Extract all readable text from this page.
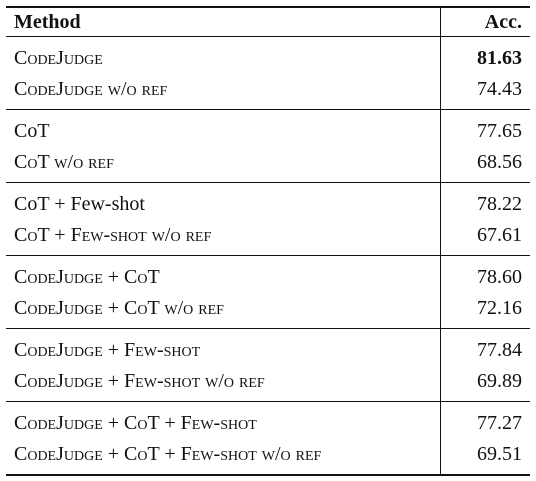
Method	Acc.
CodeJudge	81.63
CodeJudge w/o ref	74.43
CoT	77.65
CoT w/o ref	68.56
CoT + Few-shot	78.22
CoT + Few-shot w/o ref	67.61
CodeJudge + CoT	78.60
CodeJudge + CoT w/o ref	72.16
CodeJudge + Few-shot	77.84
CodeJudge + Few-shot w/o ref	69.89
CodeJudge + CoT + Few-shot	77.27
CodeJudge + CoT + Few-shot w/o ref	69.51
